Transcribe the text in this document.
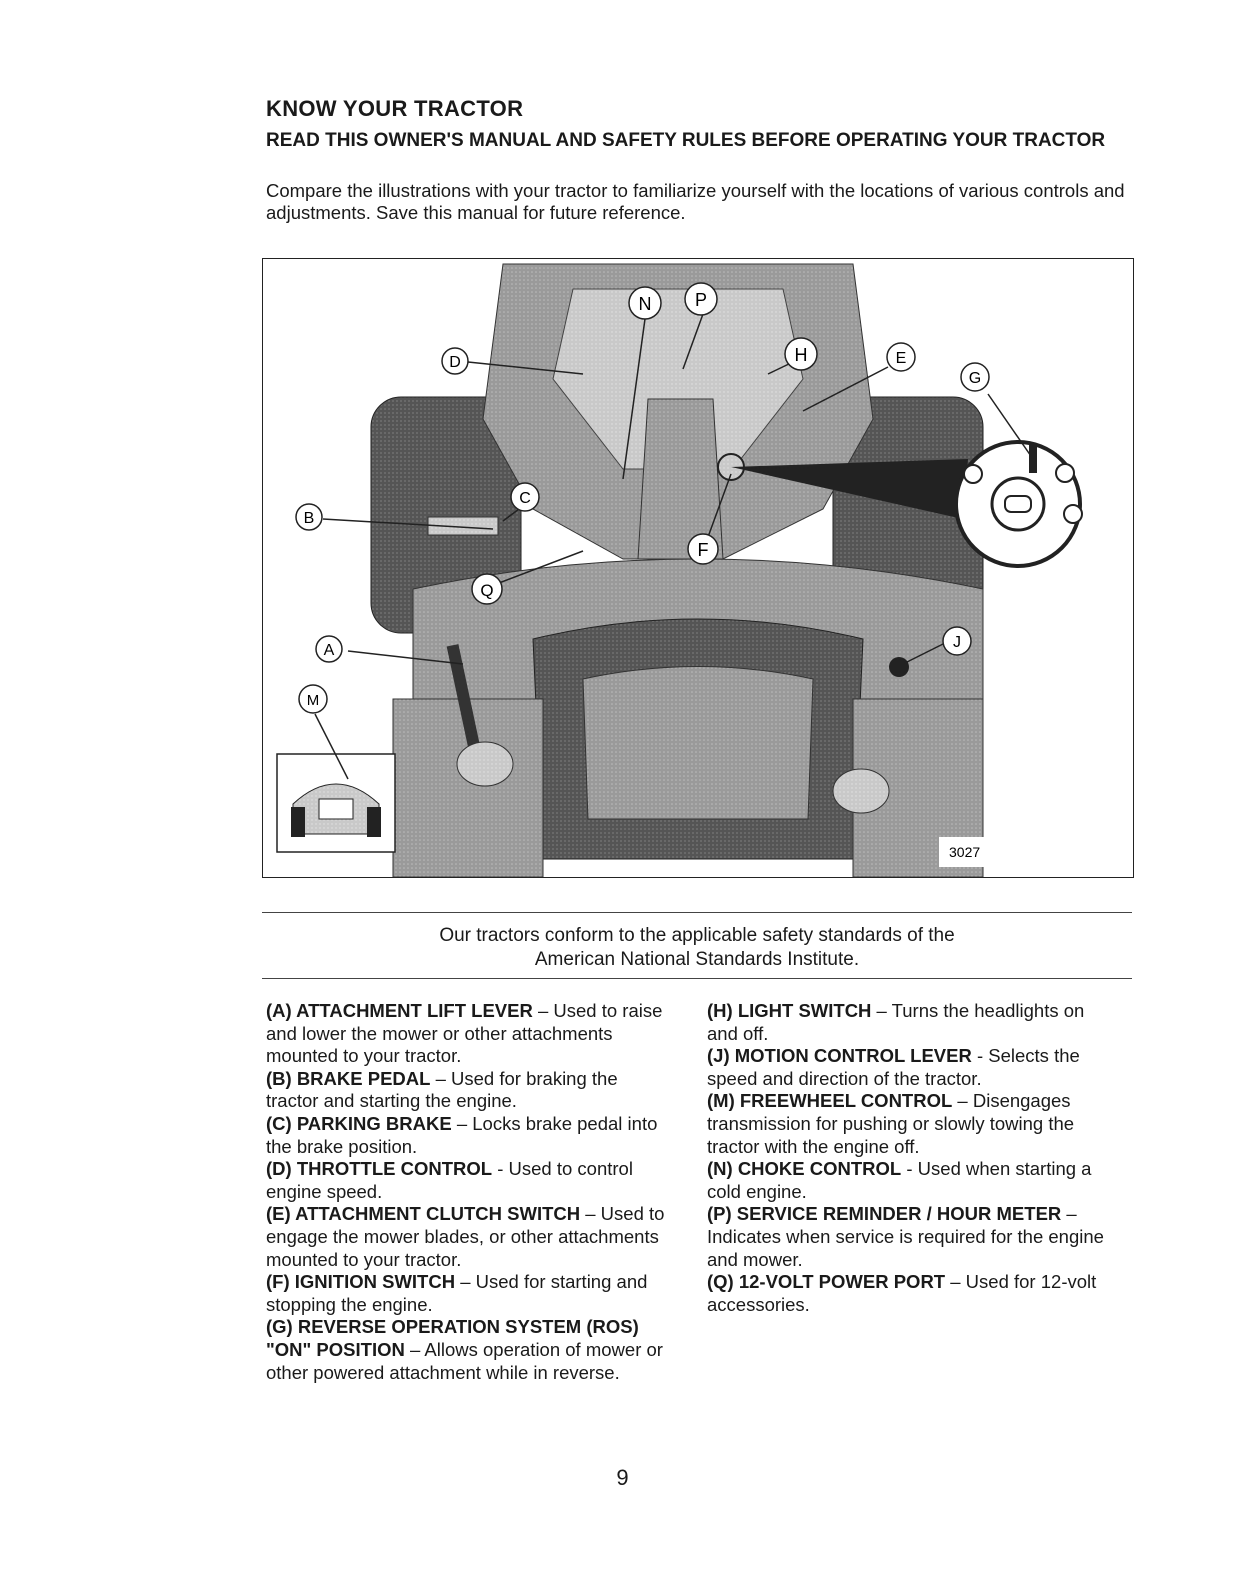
KNOW YOUR TRACTOR
READ THIS OWNER'S MANUAL AND SAFETY RULES BEFORE OPERATING YOUR TRACTOR
Compare the illustrations with your tractor to familiarize yourself with the locations of various controls and adjustments. Save this manual for future reference.
D
N P
H	E
G
B
C
F
Q
A	J
M
3027
Our tractors conform to the applicable safety standards of the
American National Standards Institute.

(A) ATTACHMENT LIFT LEVER – Used to raise and lower the mower or other attachments mounted to your tractor.

(B) BRAKE PEDAL – Used for braking the tractor and starting the engine.

(C) PARKING BRAKE – Locks brake pedal into the brake position.

(D) THROTTLE CONTROL - Used to control engine speed.

(E) ATTACHMENT CLUTCH SWITCH – Used to engage the mower blades, or other attachments mounted to your tractor.

(F) IGNITION SWITCH – Used for starting and stopping the engine.

(G) REVERSE OPERATION SYSTEM (ROS) "ON" POSITION – Allows operation of mower or other powered attachment while in reverse.

(H) LIGHT SWITCH – Turns the headlights on and off.

(J) MOTION CONTROL LEVER - Selects the speed and direction of the tractor.

(M) FREEWHEEL CONTROL – Disengages transmission for pushing or slowly towing the tractor with the engine off.

(N) CHOKE CONTROL - Used when starting a cold engine.

(P) SERVICE REMINDER / HOUR METER – Indicates when service is required for the engine and mower.

(Q) 12-VOLT POWER PORT – Used for 12-volt accessories.

9
